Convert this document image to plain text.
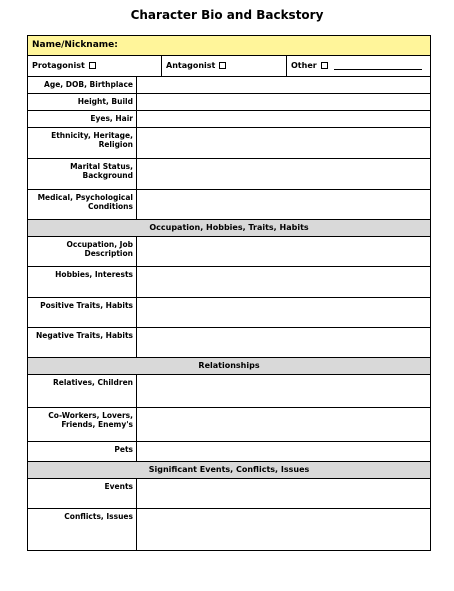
Character Bio and Backstory
Name/Nickname:
Protagonist	Antagonist	Other
Age, DOB, Birthplace
Height, Build
Eyes, Hair
Ethnicity, Heritage, Religion
Marital Status, Background
Medical, Psychological Conditions
Occupation, Hobbies, Traits, Habits
Occupation, Job Description
Hobbies, Interests
Positive Traits, Habits
Negative Traits, Habits
Relationships
Relatives, Children
Co-Workers, Lovers, Friends, Enemy's
Pets
Significant Events, Conflicts, Issues
Events
Conflicts, Issues
